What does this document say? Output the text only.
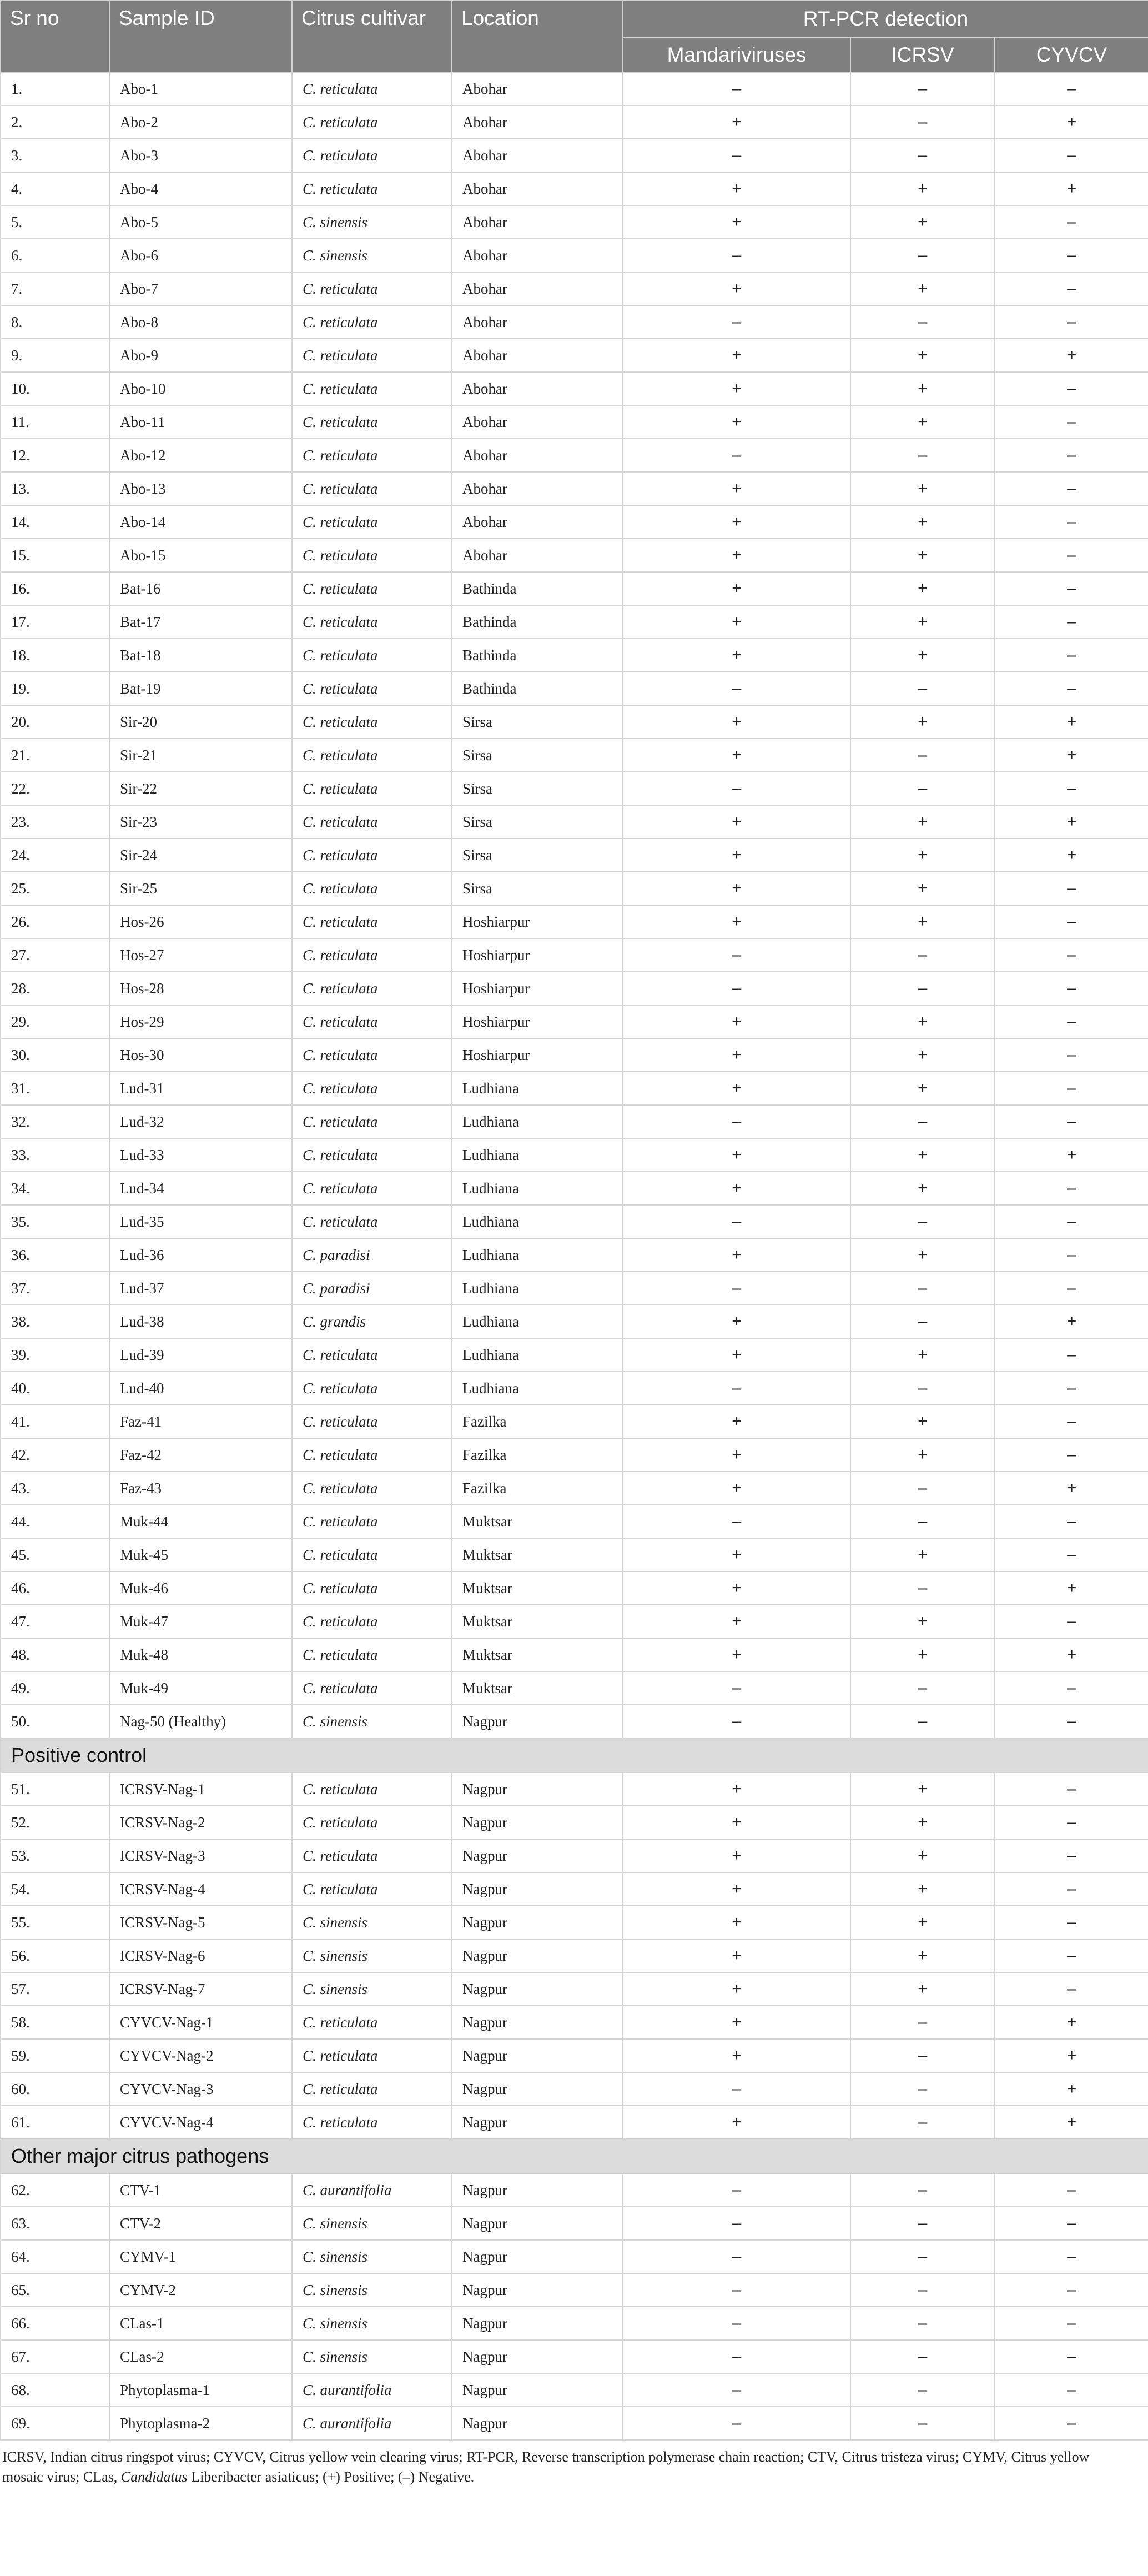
Sr no	Sample ID	Citrus cultivar	Location	RT-PCR detection		
				Mandariviruses	ICRSV	CYVCV
1.	Abo-1	C. reticulata	Abohar	–	–	–
2.	Abo-2	C. reticulata	Abohar	+	–	+
3.	Abo-3	C. reticulata	Abohar	–	–	–
4.	Abo-4	C. reticulata	Abohar	+	+	+
5.	Abo-5	C. sinensis	Abohar	+	+	–
6.	Abo-6	C. sinensis	Abohar	–	–	–
7.	Abo-7	C. reticulata	Abohar	+	+	–
8.	Abo-8	C. reticulata	Abohar	–	–	–
9.	Abo-9	C. reticulata	Abohar	+	+	+
10.	Abo-10	C. reticulata	Abohar	+	+	–
11.	Abo-11	C. reticulata	Abohar	+	+	–
12.	Abo-12	C. reticulata	Abohar	–	–	–
13.	Abo-13	C. reticulata	Abohar	+	+	–
14.	Abo-14	C. reticulata	Abohar	+	+	–
15.	Abo-15	C. reticulata	Abohar	+	+	–
16.	Bat-16	C. reticulata	Bathinda	+	+	–
17.	Bat-17	C. reticulata	Bathinda	+	+	–
18.	Bat-18	C. reticulata	Bathinda	+	+	–
19.	Bat-19	C. reticulata	Bathinda	–	–	–
20.	Sir-20	C. reticulata	Sirsa	+	+	+
21.	Sir-21	C. reticulata	Sirsa	+	–	+
22.	Sir-22	C. reticulata	Sirsa	–	–	–
23.	Sir-23	C. reticulata	Sirsa	+	+	+
24.	Sir-24	C. reticulata	Sirsa	+	+	+
25.	Sir-25	C. reticulata	Sirsa	+	+	–
26.	Hos-26	C. reticulata	Hoshiarpur	+	+	–
27.	Hos-27	C. reticulata	Hoshiarpur	–	–	–
28.	Hos-28	C. reticulata	Hoshiarpur	–	–	–
29.	Hos-29	C. reticulata	Hoshiarpur	+	+	–
30.	Hos-30	C. reticulata	Hoshiarpur	+	+	–
31.	Lud-31	C. reticulata	Ludhiana	+	+	–
32.	Lud-32	C. reticulata	Ludhiana	–	–	–
33.	Lud-33	C. reticulata	Ludhiana	+	+	+
34.	Lud-34	C. reticulata	Ludhiana	+	+	–
35.	Lud-35	C. reticulata	Ludhiana	–	–	–
36.	Lud-36	C. paradisi	Ludhiana	+	+	–
37.	Lud-37	C. paradisi	Ludhiana	–	–	–
38.	Lud-38	C. grandis	Ludhiana	+	–	+
39.	Lud-39	C. reticulata	Ludhiana	+	+	–
40.	Lud-40	C. reticulata	Ludhiana	–	–	–
41.	Faz-41	C. reticulata	Fazilka	+	+	–
42.	Faz-42	C. reticulata	Fazilka	+	+	–
43.	Faz-43	C. reticulata	Fazilka	+	–	+
44.	Muk-44	C. reticulata	Muktsar	–	–	–
45.	Muk-45	C. reticulata	Muktsar	+	+	–
46.	Muk-46	C. reticulata	Muktsar	+	–	+
47.	Muk-47	C. reticulata	Muktsar	+	+	–
48.	Muk-48	C. reticulata	Muktsar	+	+	+
49.	Muk-49	C. reticulata	Muktsar	–	–	–
50.	Nag-50 (Healthy)	C. sinensis	Nagpur	–	–	–
Positive control						
51.	ICRSV-Nag-1	C. reticulata	Nagpur	+	+	–
52.	ICRSV-Nag-2	C. reticulata	Nagpur	+	+	–
53.	ICRSV-Nag-3	C. reticulata	Nagpur	+	+	–
54.	ICRSV-Nag-4	C. reticulata	Nagpur	+	+	–
55.	ICRSV-Nag-5	C. sinensis	Nagpur	+	+	–
56.	ICRSV-Nag-6	C. sinensis	Nagpur	+	+	–
57.	ICRSV-Nag-7	C. sinensis	Nagpur	+	+	–
58.	CYVCV-Nag-1	C. reticulata	Nagpur	+	–	+
59.	CYVCV-Nag-2	C. reticulata	Nagpur	+	–	+
60.	CYVCV-Nag-3	C. reticulata	Nagpur	–	–	+
61.	CYVCV-Nag-4	C. reticulata	Nagpur	+	–	+
Other major citrus pathogens						
62.	CTV-1	C. aurantifolia	Nagpur	–	–	–
63.	CTV-2	C. sinensis	Nagpur	–	–	–
64.	CYMV-1	C. sinensis	Nagpur	–	–	–
65.	CYMV-2	C. sinensis	Nagpur	–	–	–
66.	CLas-1	C. sinensis	Nagpur	–	–	–
67.	CLas-2	C. sinensis	Nagpur	–	–	–
68.	Phytoplasma-1	C. aurantifolia	Nagpur	–	–	–
69.	Phytoplasma-2	C. aurantifolia	Nagpur	–	–	–
ICRSV, Indian citrus ringspot virus; CYVCV, Citrus yellow vein clearing virus; RT-PCR, Reverse transcription polymerase chain reaction; CTV, Citrus tristeza virus; CYMV, Citrus yellow
mosaic virus; CLas, Candidatus Liberibacter asiaticus; (+) Positive; (–) Negative.
